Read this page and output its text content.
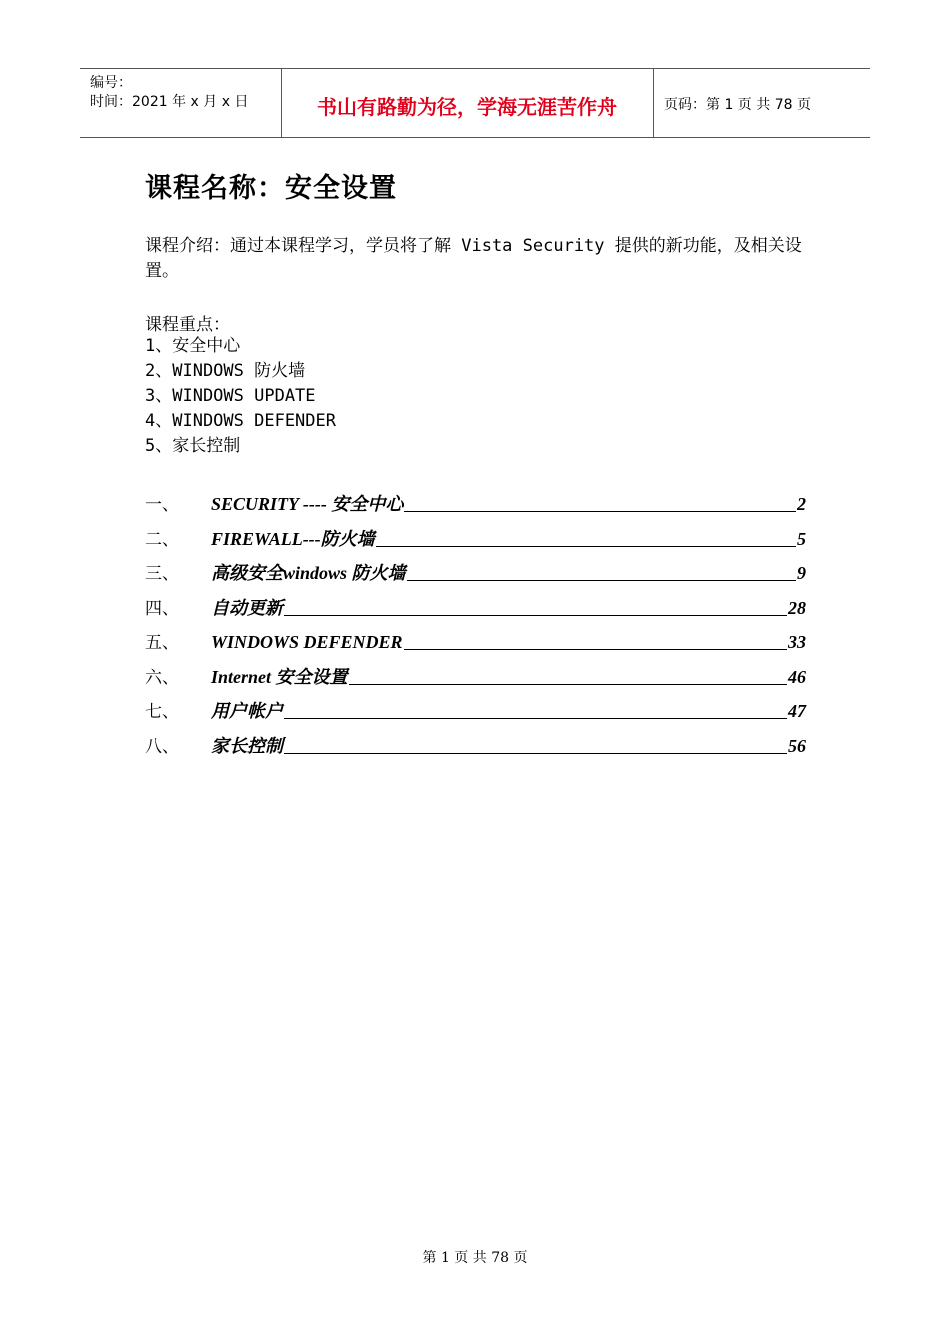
编号：
时间：2021 年 x 月 x 日	书山有路勤为径，学海无涯苦作舟	页码：第 1 页 共 78 页
课程名称：安全设置
课程介绍：通过本课程学习，学员将了解 Vista Security 提供的新功能，及相关设置。
课程重点：
1、安全中心
2、WINDOWS 防火墙
3、WINDOWS UPDATE
4、WINDOWS DEFENDER
5、家长控制
一、	SECURITY ---- 安全中心	2
二、	FIREWALL---防火墙	5
三、	高级安全windows 防火墙	9
四、	自动更新	28
五、	WINDOWS DEFENDER	33
六、	Internet 安全设置	46
七、	用户帐户	47
八、	家长控制	56
第 1 页 共 78 页
